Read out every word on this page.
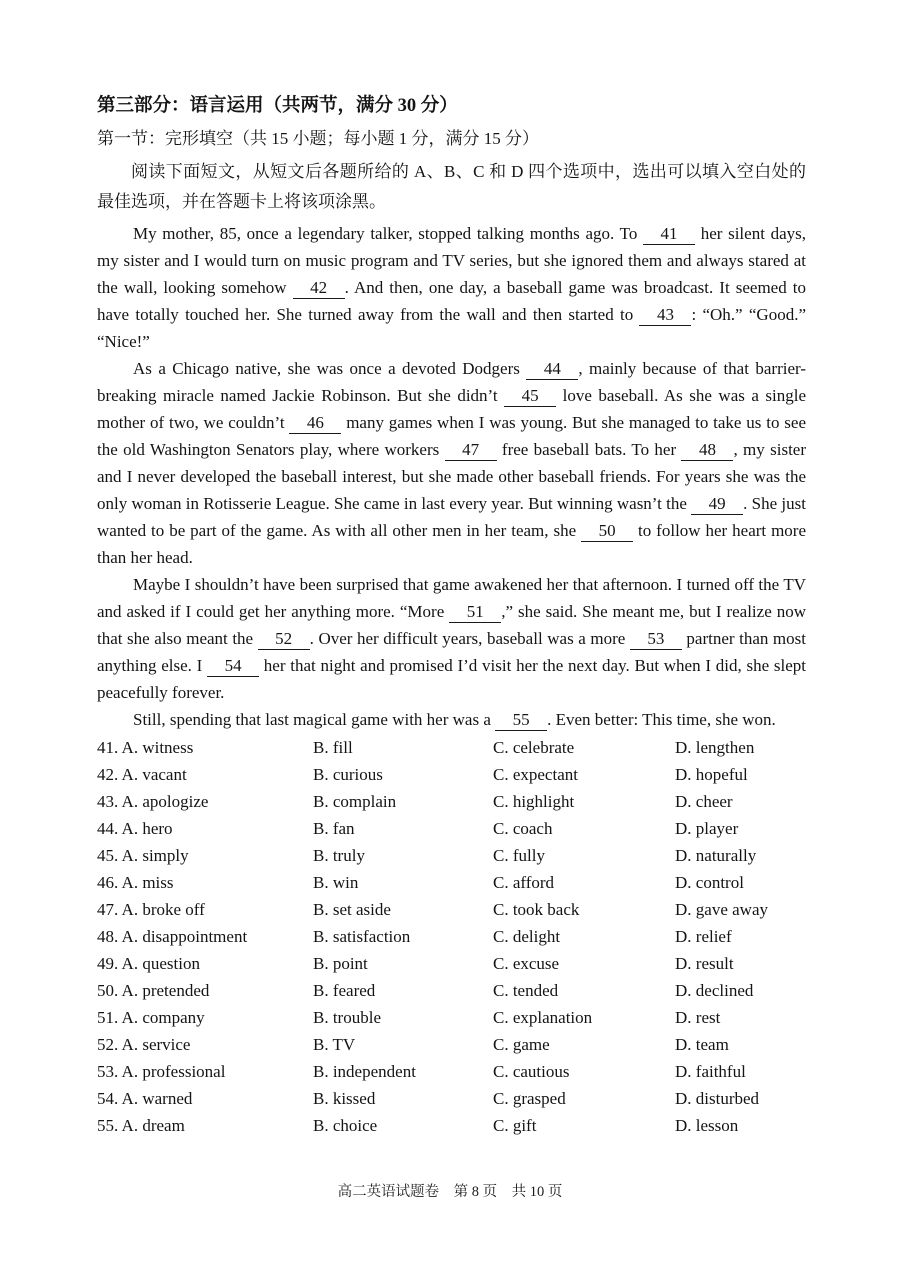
第三部分：语言运用（共两节，满分 30 分）
第一节：完形填空（共 15 小题；每小题 1 分，满分 15 分）

阅读下面短文，从短文后各题所给的 A、B、C 和 D 四个选项中，选出可以填入空白处的最佳选项，并在答题卡上将该项涂黑。

My mother, 85, once a legendary talker, stopped talking months ago. To 41 her silent days, my sister and I would turn on music program and TV series, but she ignored them and always stared at the wall, looking somehow 42 . And then, one day, a baseball game was broadcast. It seemed to have totally touched her. She turned away from the wall and then started to 43 : “Oh.” “Good.” “Nice!”

As a Chicago native, she was once a devoted Dodgers 44 , mainly because of that barrier-breaking miracle named Jackie Robinson. But she didn’t 45 love baseball. As she was a single mother of two, we couldn’t 46 many games when I was young. But she managed to take us to see the old Washington Senators play, where workers 47 free baseball bats. To her 48 , my sister and I never developed the baseball interest, but she made other baseball friends. For years she was the only woman in Rotisserie League. She came in last every year. But winning wasn’t the 49 . She just wanted to be part of the game. As with all other men in her team, she 50 to follow her heart more than her head.

Maybe I shouldn’t have been surprised that game awakened her that afternoon. I turned off the TV and asked if I could get her anything more. “More 51 ,” she said. She meant me, but I realize now that she also meant the 52 . Over her difficult years, baseball was a more 53 partner than most anything else. I 54 her that night and promised I’d visit her the next day. But when I did, she slept peacefully forever.

Still, spending that last magical game with her was a 55 . Even better: This time, she won.

41. A. witness	B. fill	C. celebrate	D. lengthen
42. A. vacant	B. curious	C. expectant	D. hopeful
43. A. apologize	B. complain	C. highlight	D. cheer
44. A. hero	B. fan	C. coach	D. player
45. A. simply	B. truly	C. fully	D. naturally
46. A. miss	B. win	C. afford	D. control
47. A. broke off	B. set aside	C. took back	D. gave away
48. A. disappointment	B. satisfaction	C. delight	D. relief
49. A. question	B. point	C. excuse	D. result
50. A. pretended	B. feared	C. tended	D. declined
51. A. company	B. trouble	C. explanation	D. rest
52. A. service	B. TV	C. game	D. team
53. A. professional	B. independent	C. cautious	D. faithful
54. A. warned	B. kissed	C. grasped	D. disturbed
55. A. dream	B. choice	C. gift	D. lesson
高二英语试题卷　第 8 页　共 10 页
